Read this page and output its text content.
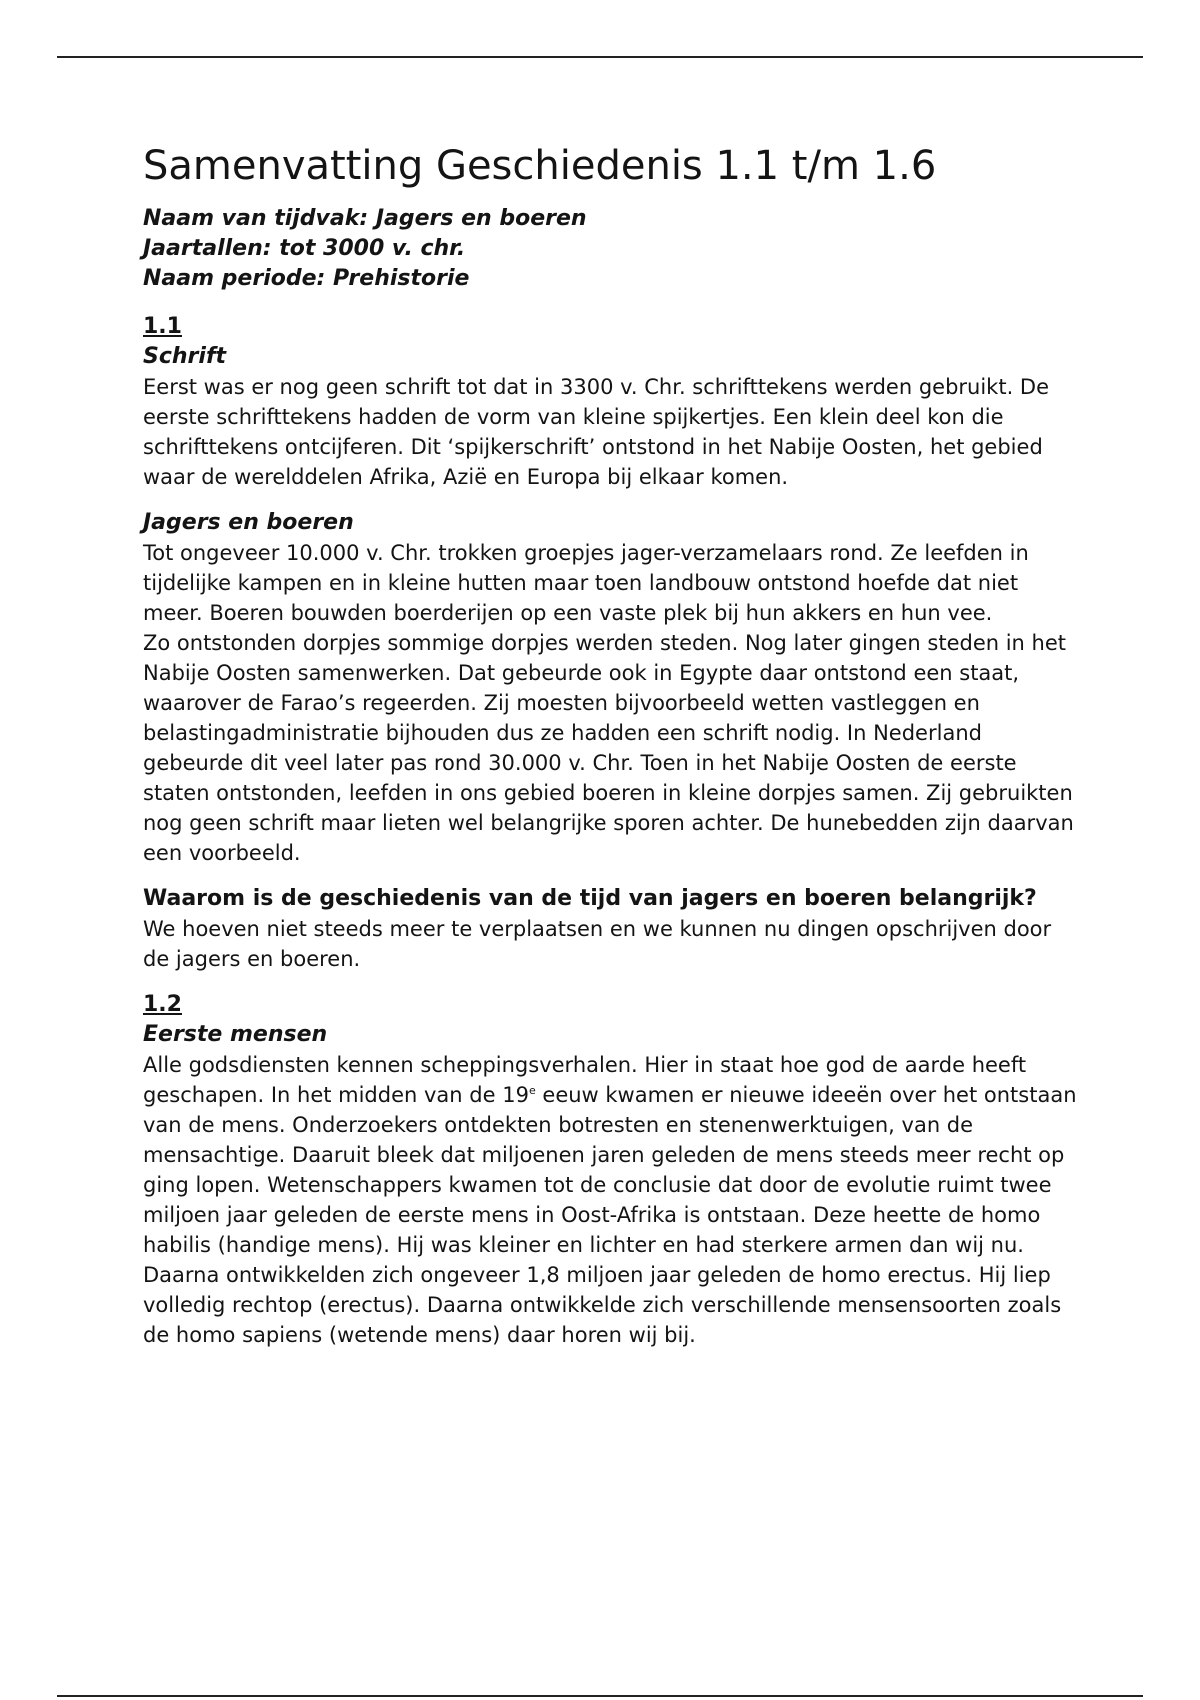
Samenvatting Geschiedenis 1.1 t/m 1.6
Naam van tijdvak: Jagers en boeren
Jaartallen: tot 3000 v. chr.
Naam periode: Prehistorie
1.1
Schrift

Eerst was er nog geen schrift tot dat in 3300 v. Chr. schrifttekens werden gebruikt. De eerste schrifttekens hadden de vorm van kleine spijkertjes. Een klein deel kon die schrifttekens ontcijferen. Dit ‘spijkerschrift’ ontstond in het Nabije Oosten, het gebied waar de werelddelen Afrika, Azië en Europa bij elkaar komen.

Jagers en boeren

Tot ongeveer 10.000 v. Chr. trokken groepjes jager-verzamelaars rond. Ze leefden in tijdelijke kampen en in kleine hutten maar toen landbouw ontstond hoefde dat niet meer. Boeren bouwden boerderijen op een vaste plek bij hun akkers en hun vee.

Zo ontstonden dorpjes sommige dorpjes werden steden. Nog later gingen steden in het Nabije Oosten samenwerken. Dat gebeurde ook in Egypte daar ontstond een staat, waarover de Farao’s regeerden. Zij moesten bijvoorbeeld wetten vastleggen en belastingadministratie bijhouden dus ze hadden een schrift nodig. In Nederland gebeurde dit veel later pas rond 30.000 v. Chr. Toen in het Nabije Oosten de eerste staten ontstonden, leefden in ons gebied boeren in kleine dorpjes samen. Zij gebruikten nog geen schrift maar lieten wel belangrijke sporen achter. De hunebedden zijn daarvan een voorbeeld.

Waarom is de geschiedenis van de tijd van jagers en boeren belangrijk?

We hoeven niet steeds meer te verplaatsen en we kunnen nu dingen opschrijven door de jagers en boeren.

1.2
Eerste mensen

Alle godsdiensten kennen scheppingsverhalen. Hier in staat hoe god de aarde heeft geschapen. In het midden van de 19e eeuw kwamen er nieuwe ideeën over het ontstaan van de mens. Onderzoekers ontdekten botresten en stenenwerktuigen, van de mensachtige. Daaruit bleek dat miljoenen jaren geleden de mens steeds meer recht op ging lopen. Wetenschappers kwamen tot de conclusie dat door de evolutie ruimt twee miljoen jaar geleden de eerste mens in Oost-Afrika is ontstaan. Deze heette de homo habilis (handige mens). Hij was kleiner en lichter en had sterkere armen dan wij nu. Daarna ontwikkelden zich ongeveer 1,8 miljoen jaar geleden de homo erectus. Hij liep volledig rechtop (erectus). Daarna ontwikkelde zich verschillende mensensoorten zoals de homo sapiens (wetende mens) daar horen wij bij.
